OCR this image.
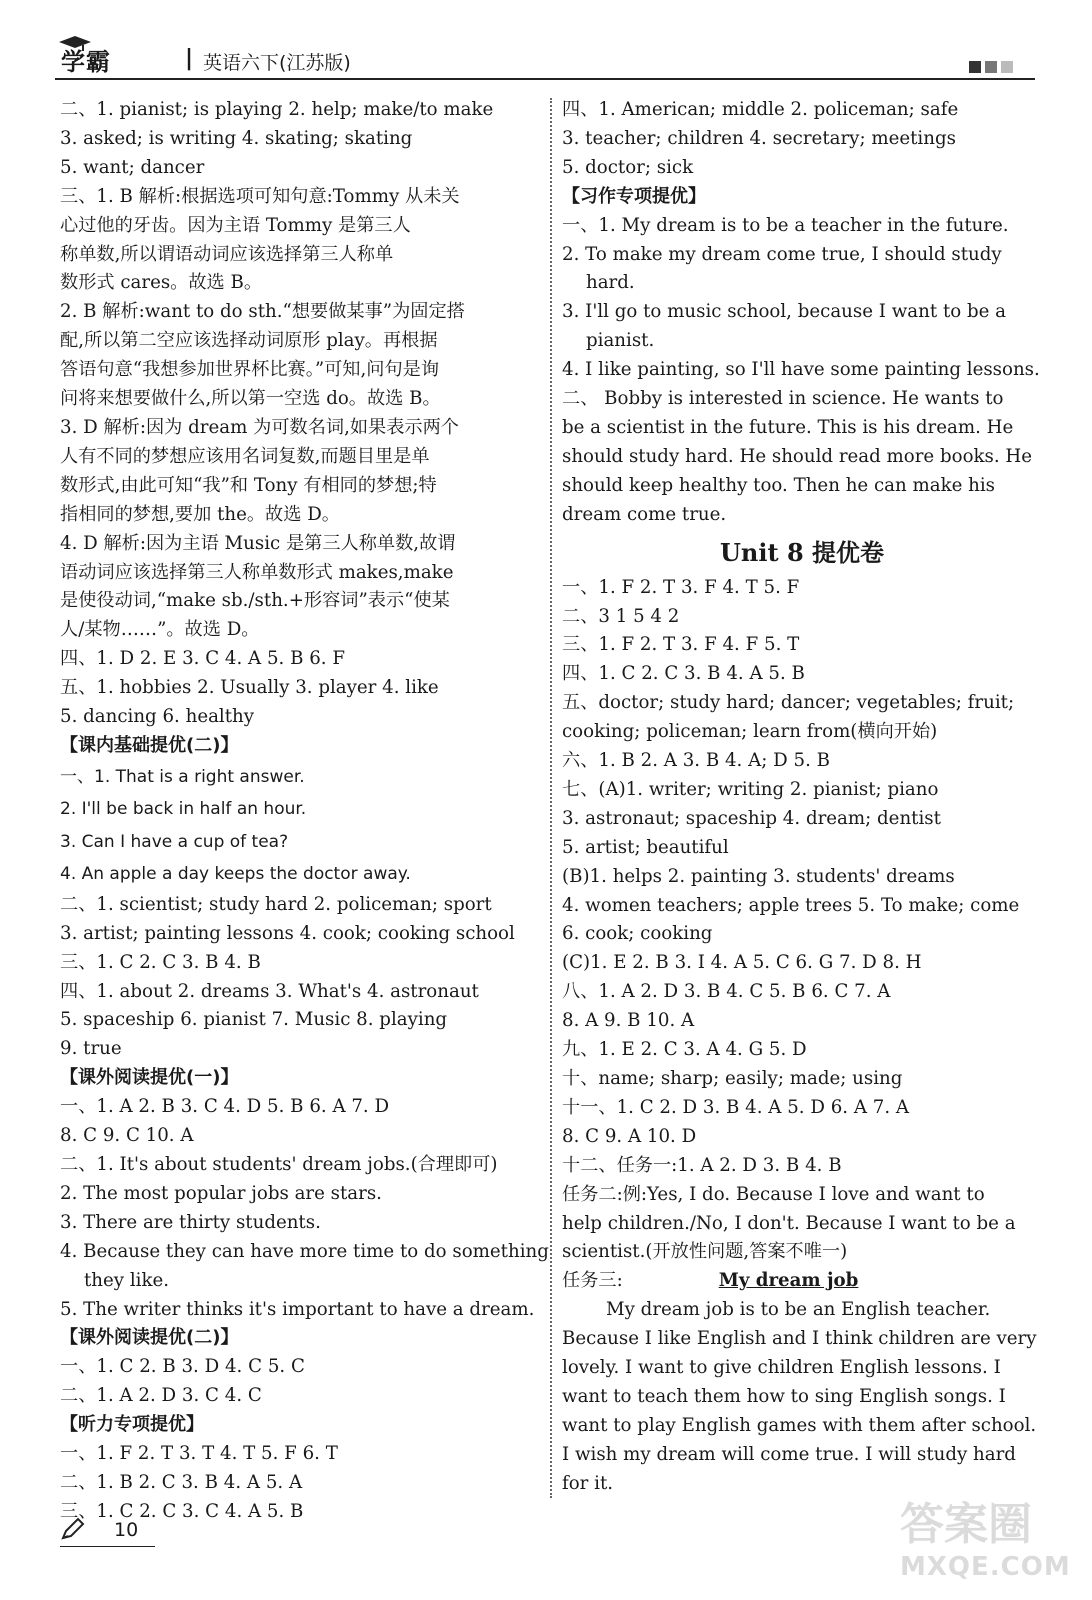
学霸	| 英语六下(江苏版)
二、1. pianist; is playing 2. help; make/to make
3. asked; is writing 4. skating; skating
5. want; dancer
三、1. B 解析:根据选项可知句意:Tommy 从未关
心过他的牙齿。因为主语 Tommy 是第三人
称单数,所以谓语动词应该选择第三人称单
数形式 cares。故选 B。
2. B 解析:want to do sth.“想要做某事”为固定搭
配,所以第二空应该选择动词原形 play。再根据
答语句意“我想参加世界杯比赛。”可知,问句是询
问将来想要做什么,所以第一空选 do。故选 B。
3. D 解析:因为 dream 为可数名词,如果表示两个
人有不同的梦想应该用名词复数,而题目里是单
数形式,由此可知“我”和 Tony 有相同的梦想;特
指相同的梦想,要加 the。故选 D。
4. D 解析:因为主语 Music 是第三人称单数,故谓
语动词应该选择第三人称单数形式 makes,make
是使役动词,“make sb./sth.+形容词”表示“使某
人/某物……”。故选 D。
四、1. D 2. E 3. C 4. A 5. B 6. F
五、1. hobbies 2. Usually 3. player 4. like
5. dancing 6. healthy
【课内基础提优(二)】
一、1. That is a right answer.
2. I'll be back in half an hour.
3. Can I have a cup of tea?
4. An apple a day keeps the doctor away.
二、1. scientist; study hard 2. policeman; sport
3. artist; painting lessons 4. cook; cooking school
三、1. C 2. C 3. B 4. B
四、1. about 2. dreams 3. What's 4. astronaut
5. spaceship 6. pianist 7. Music 8. playing
9. true
【课外阅读提优(一)】
一、1. A 2. B 3. C 4. D 5. B 6. A 7. D
8. C 9. C 10. A
二、1. It's about students' dream jobs.(合理即可)
2. The most popular jobs are stars.
3. There are thirty students.
4. Because they can have more time to do something
they like.
5. The writer thinks it's important to have a dream.
【课外阅读提优(二)】
一、1. C 2. B 3. D 4. C 5. C
二、1. A 2. D 3. C 4. C
【听力专项提优】
一、1. F 2. T 3. T 4. T 5. F 6. T
二、1. B 2. C 3. B 4. A 5. A
三、1. C 2. C 3. C 4. A 5. B
四、1. American; middle 2. policeman; safe
3. teacher; children 4. secretary; meetings
5. doctor; sick
【习作专项提优】
一、1. My dream is to be a teacher in the future.
2. To make my dream come true, I should study
hard.
3. I'll go to music school, because I want to be a
pianist.
4. I like painting, so I'll have some painting lessons.
二、 Bobby is interested in science. He wants to
be a scientist in the future. This is his dream. He
should study hard. He should read more books. He
should keep healthy too. Then he can make his
dream come true.
Unit 8 提优卷
一、1. F 2. T 3. F 4. T 5. F
二、3 1 5 4 2
三、1. F 2. T 3. F 4. F 5. T
四、1. C 2. C 3. B 4. A 5. B
五、doctor; study hard; dancer; vegetables; fruit;
cooking; policeman; learn from(横向开始)
六、1. B 2. A 3. B 4. A; D 5. B
七、(A)1. writer; writing 2. pianist; piano
3. astronaut; spaceship 4. dream; dentist
5. artist; beautiful
(B)1. helps 2. painting 3. students' dreams
4. women teachers; apple trees 5. To make; come
6. cook; cooking
(C)1. E 2. B 3. I 4. A 5. C 6. G 7. D 8. H
八、1. A 2. D 3. B 4. C 5. B 6. C 7. A
8. A 9. B 10. A
九、1. E 2. C 3. A 4. G 5. D
十、name; sharp; easily; made; using
十一、1. C 2. D 3. B 4. A 5. D 6. A 7. A
8. C 9. A 10. D
十二、任务一:1. A 2. D 3. B 4. B
任务二:例:Yes, I do. Because I love and want to
help children./No, I don't. Because I want to be a
scientist.(开放性问题,答案不唯一)
任务三:	My dream job
My dream job is to be an English teacher.
Because I like English and I think children are very
lovely. I want to give children English lessons. I
want to teach them how to sing English songs. I
want to play English games with them after school.
I wish my dream will come true. I will study hard
for it.
10	答案圈
MXQE.COM
